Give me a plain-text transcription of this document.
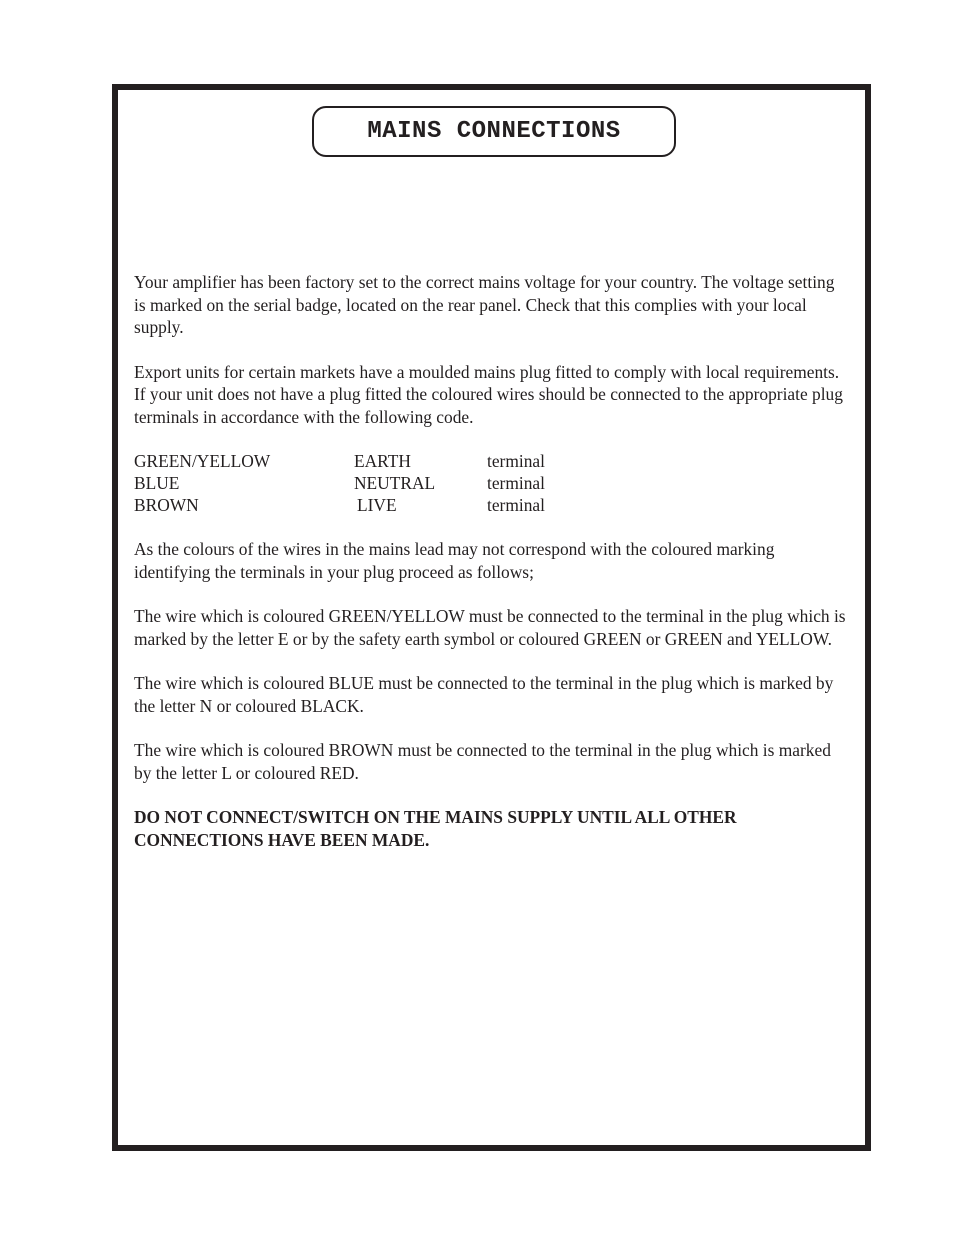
MAINS CONNECTIONS

Your amplifier has been factory set to the correct mains voltage for your country. The voltage setting is marked on the serial badge, located on the rear panel. Check that this complies with your local supply.

Export units for certain markets have a moulded mains plug fitted to comply with local requirements. If your unit does not have a plug fitted the coloured wires should be connected to the appropriate plug terminals in accordance with the following code.

GREEN/YELLOW	EARTH	terminal
BLUE	NEUTRAL	terminal
BROWN	LIVE	terminal

As the colours of the wires in the mains lead may not correspond with the coloured marking identifying the terminals in your plug proceed as follows;

The wire which is coloured GREEN/YELLOW must be connected to the terminal in the plug which is marked by the letter E or by the safety earth symbol or coloured GREEN or GREEN and YELLOW.

The wire which is coloured BLUE must be connected to the terminal in the plug which is marked by the letter N or coloured BLACK.

The wire which is coloured BROWN must be connected to the terminal in the plug which is marked by the letter L or coloured RED.

DO NOT CONNECT/SWITCH ON THE MAINS SUPPLY UNTIL ALL OTHER CONNECTIONS HAVE BEEN MADE.
